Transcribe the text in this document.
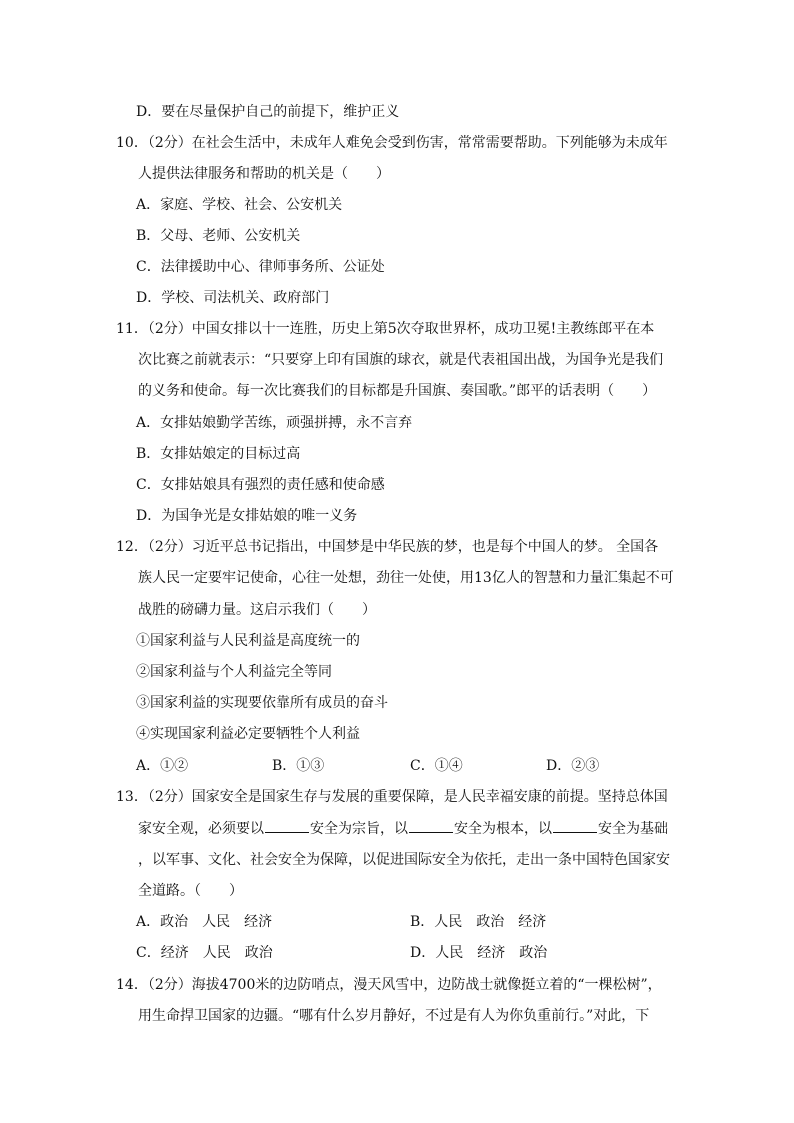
D．要在尽量保护自己的前提下，维护正义
10．（2分）在社会生活中，未成年人难免会受到伤害，常常需要帮助。下列能够为未成年
人提供法律服务和帮助的机关是（　　）
A．家庭、学校、社会、公安机关
B．父母、老师、公安机关
C．法律援助中心、律师事务所、公证处
D．学校、司法机关、政府部门
11．（2分）中国女排以十一连胜，历史上第5次夺取世界杯，成功卫冕!主教练郎平在本
次比赛之前就表示：“只要穿上印有国旗的球衣，就是代表祖国出战，为国争光是我们
的义务和使命。每一次比赛我们的目标都是升国旗、奏国歌。”郎平的话表明（　　）
A．女排姑娘勤学苦练，顽强拼搏，永不言弃
B．女排姑娘定的目标过高
C．女排姑娘具有强烈的责任感和使命感
D．为国争光是女排姑娘的唯一义务
12．（2分）习近平总书记指出，中国梦是中华民族的梦，也是每个中国人的梦。 全国各
族人民一定要牢记使命，心往一处想，劲往一处使，用13亿人的智慧和力量汇集起不可
战胜的磅礴力量。这启示我们（　　）
①国家利益与人民利益是高度统一的
②国家利益与个人利益完全等同
③国家利益的实现要依靠所有成员的奋斗
④实现国家利益必定要牺牲个人利益
A．①②	B．①③	C．①④	D．②③
13．（2分）国家安全是国家生存与发展的重要保障，是人民幸福安康的前提。坚持总体国
家安全观，必须要以	安全为宗旨，以	安全为根本，以	安全为基础
，以军事、文化、社会安全为保障，以促进国际安全为依托，走出一条中国特色国家安
全道路。（　　）
A．政治　人民　经济	B．人民　政治　经济
C．经济　人民　政治	D．人民　经济　政治
14．（2分）海拔4700米的边防哨点，漫天风雪中，边防战士就像挺立着的“一棵松树”，
用生命捍卫国家的边疆。“哪有什么岁月静好，不过是有人为你负重前行。”对此，下
